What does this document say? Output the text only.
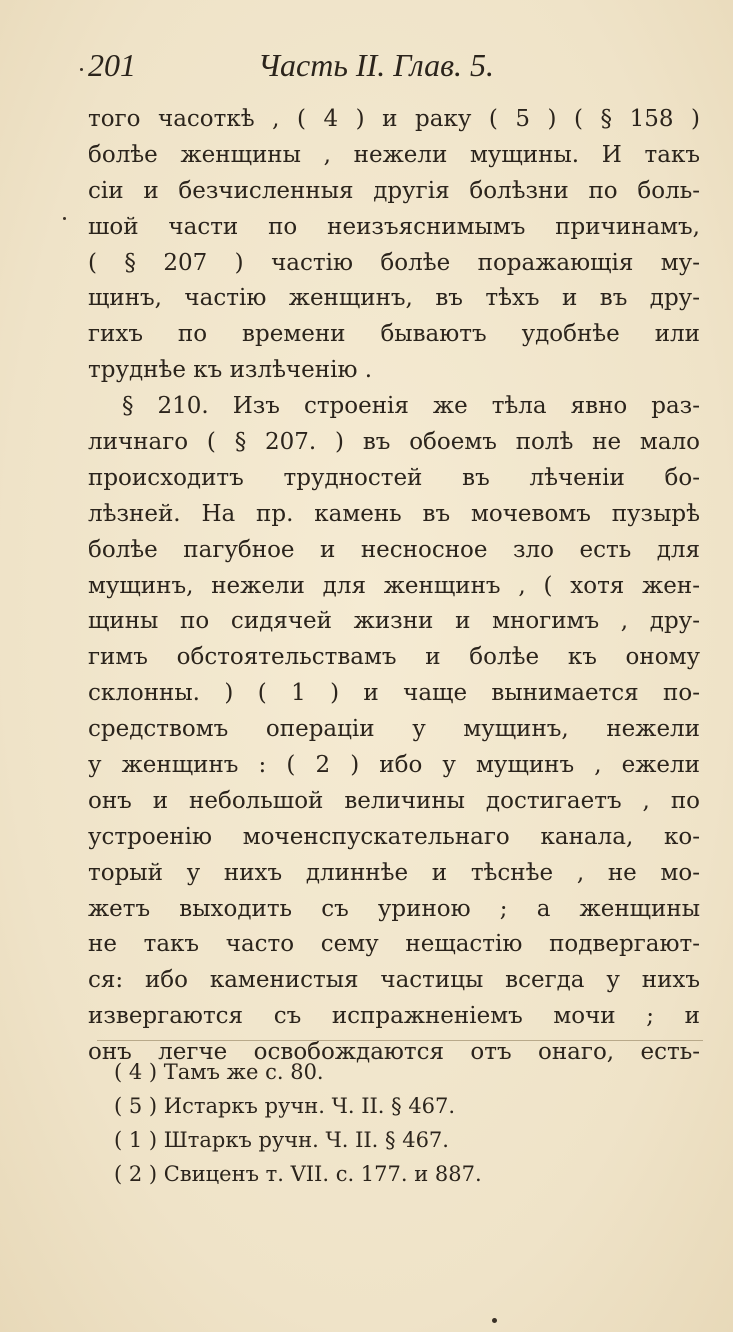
201	Часть II. Глав. 5.
того часоткѣ , ( 4 ) и раку ( 5 ) ( § 158 )
болѣе женщины , нежели мущины. И такъ
сіи и безчисленныя другія болѣзни по боль-
шой части по неизъяснимымъ причинамъ,
( § 207 ) частію болѣе поражающія му-
щинъ, частію женщинъ, въ тѣхъ и въ дру-
гихъ по времени бываютъ удобнѣе или
труднѣе къ излѣченію .
§ 210. Изъ строенія же тѣла явно раз-
личнаго ( § 207. ) въ обоемъ полѣ не мало
происходитъ трудностей въ лѣченіи бо-
лѣзней. На пр. камень въ мочевомъ пузырѣ
болѣе пагубное и несносное зло есть для
мущинъ, нежели для женщинъ , ( хотя жен-
щины по сидячей жизни и многимъ , дру-
гимъ обстоятельствамъ и болѣе къ оному
склонны. ) ( 1 ) и чаще вынимается по-
средствомъ операціи у мущинъ, нежели
у женщинъ : ( 2 ) ибо у мущинъ , ежели
онъ и небольшой величины достигаетъ , по
устроенію моченспускательнаго канала, ко-
торый у нихъ длиннѣе и тѣснѣе , не мо-
жетъ выходить съ уриною ; а женщины
не такъ часто сему нещастію подвергают-
ся: ибо каменистыя частицы всегда у нихъ
извергаются съ испражненіемъ мочи ; и
онъ легче освобождаются отъ онаго, есть-
( 4 ) Тамъ же с. 80.
( 5 ) Истаркъ ручн. Ч. II. § 467.
( 1 ) Штаркъ ручн. Ч. II. § 467.
( 2 ) Свиценъ т. VII. с. 177. и 887.
